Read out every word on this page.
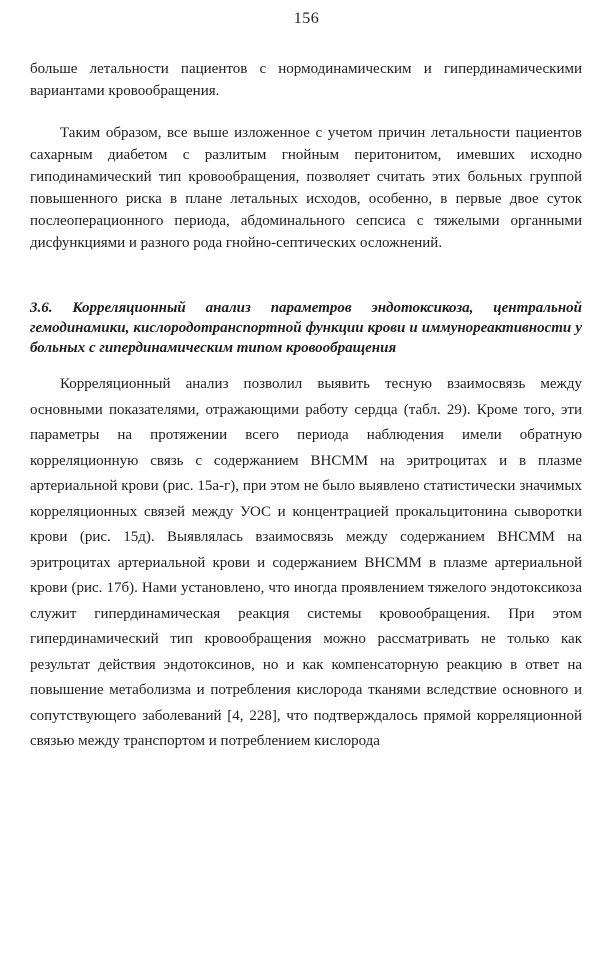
156

больше летальности пациентов с нормодинамическим и гипердинамическими вариантами кровообращения.

Таким образом, все выше изложенное с учетом причин летальности пациентов сахарным диабетом с разлитым гнойным перитонитом, имевших исходно гиподинамический тип кровообращения, позволяет считать этих больных группой повышенного риска в плане летальных исходов, особенно, в первые двое суток послеоперационного периода, абдоминального сепсиса с тяжелыми органными дисфункциями и разного рода гнойно-септических осложнений.

3.6. Корреляционный анализ параметров эндотоксикоза, центральной гемодинамики, кислородотранспортной функции крови и иммунореактивности у больных с гипердинамическим типом кровообращения

Корреляционный анализ позволил выявить тесную взаимосвязь между основными показателями, отражающими работу сердца (табл. 29). Кроме того, эти параметры на протяжении всего периода наблюдения имели обратную корреляционную связь с содержанием ВНСММ на эритроцитах и в плазме артериальной крови (рис. 15а-г), при этом не было выявлено статистически значимых корреляционных связей между УОС и концентрацией прокальцитонина сыворотки крови (рис. 15д). Выявлялась взаимосвязь между содержанием ВНСММ на эритроцитах артериальной крови и содержанием ВНСММ в плазме артериальной крови (рис. 17б). Нами установлено, что иногда проявлением тяжелого эндотоксикоза служит гипердинамическая реакция системы кровообращения. При этом гипердинамический тип кровообращения можно рассматривать не только как результат действия эндотоксинов, но и как компенсаторную реакцию в ответ на повышение метаболизма и потребления кислорода тканями вследствие основного и сопутствующего заболеваний [4, 228], что подтверждалось прямой корреляционной связью между транспортом и потреблением кислорода
